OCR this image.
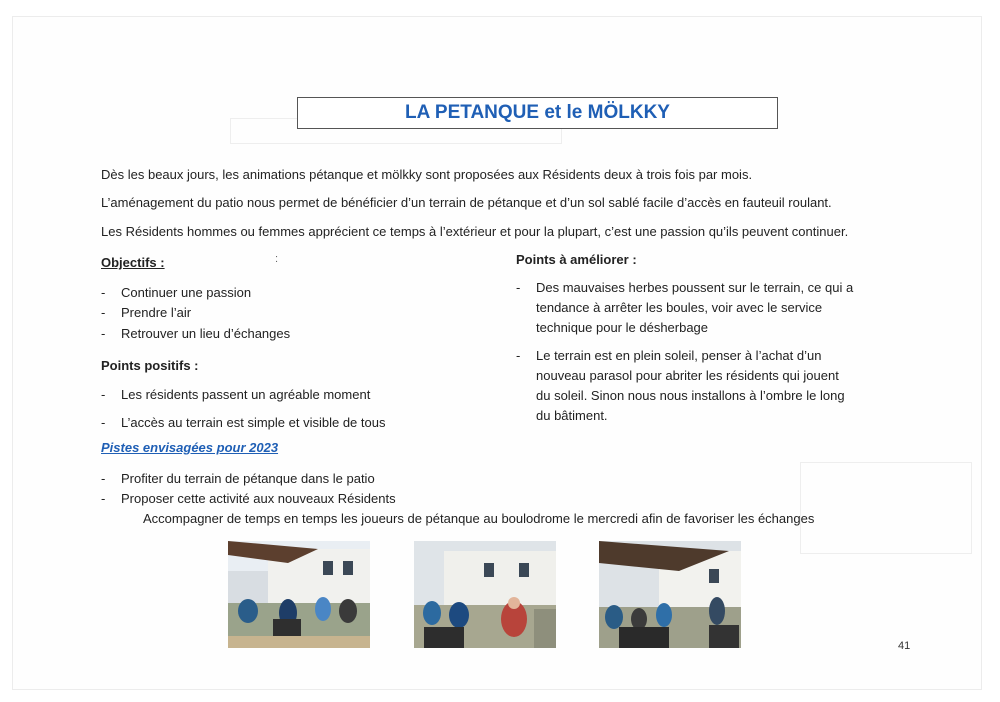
LA PETANQUE et le MÖLKKY
Dès les beaux jours, les animations pétanque et mölkky sont proposées aux Résidents deux à trois fois par mois.
L’aménagement du patio nous permet de bénéficier d’un terrain de pétanque et d’un sol sablé facile d’accès en fauteuil roulant.
Les Résidents hommes ou femmes apprécient ce temps à l’extérieur et pour la plupart, c’est une passion qu’ils peuvent continuer.
:
Objectifs :
- Continuer une passion
- Prendre l’air
- Retrouver un lieu d’échanges
Points positifs :
- Les résidents passent un agréable moment
- L’accès au terrain est simple et visible de tous
Pistes envisagées pour 2023
- Profiter du terrain de pétanque dans le patio
- Proposer cette activité aux nouveaux Résidents
Accompagner de temps en temps les joueurs de pétanque au boulodrome le mercredi afin de favoriser les échanges
Points à améliorer :
- Des mauvaises herbes poussent sur le terrain, ce qui a
tendance à arrêter les boules, voir avec le service
technique pour le désherbage
- Le terrain est en plein soleil, penser à l’achat d’un
nouveau parasol pour abriter les résidents qui jouent
du soleil. Sinon nous nous installons à l’ombre le long
du bâtiment.
41
